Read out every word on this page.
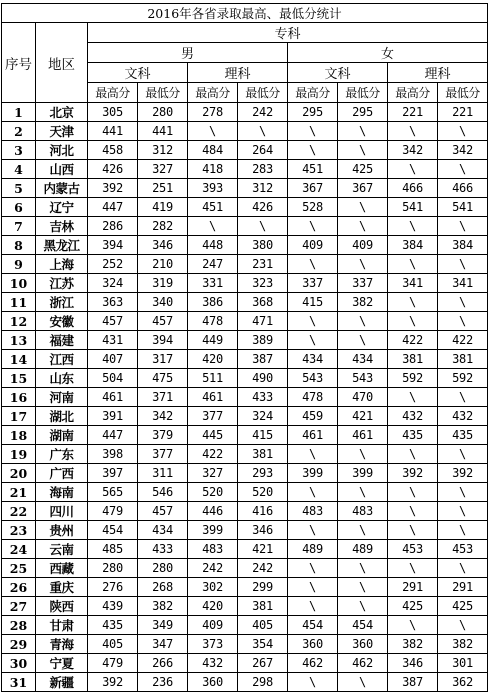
2016年各省录取最高、最低分统计									
序号	地区	专科							
		男				女			
		文科		理科		文科		理科	
		最高分	最低分	最高分	最低分	最高分	最低分	最高分	最低分
1	北京	305	280	278	242	295	295	221	221
2	天津	441	441	\	\	\	\	\	\
3	河北	458	312	484	264	\	\	342	342
4	山西	426	327	418	283	451	425	\	\
5	内蒙古	392	251	393	312	367	367	466	466
6	辽宁	447	419	451	426	528	\	541	541
7	吉林	286	282	\	\	\	\	\	\
8	黑龙江	394	346	448	380	409	409	384	384
9	上海	252	210	247	231	\	\	\	\
10	江苏	324	319	331	323	337	337	341	341
11	浙江	363	340	386	368	415	382	\	\
12	安徽	457	457	478	471	\	\	\	\
13	福建	431	394	449	389	\	\	422	422
14	江西	407	317	420	387	434	434	381	381
15	山东	504	475	511	490	543	543	592	592
16	河南	461	371	461	433	478	470	\	\
17	湖北	391	342	377	324	459	421	432	432
18	湖南	447	379	445	415	461	461	435	435
19	广东	398	377	422	381	\	\	\	\
20	广西	397	311	327	293	399	399	392	392
21	海南	565	546	520	520	\	\	\	\
22	四川	479	457	446	416	483	483	\	\
23	贵州	454	434	399	346	\	\	\	\
24	云南	485	433	483	421	489	489	453	453
25	西藏	280	280	242	242	\	\	\	\
26	重庆	276	268	302	299	\	\	291	291
27	陕西	439	382	420	381	\	\	425	425
28	甘肃	435	349	409	405	454	454	\	\
29	青海	405	347	373	354	360	360	382	382
30	宁夏	479	266	432	267	462	462	346	301
31	新疆	392	236	360	298	\	\	387	362
